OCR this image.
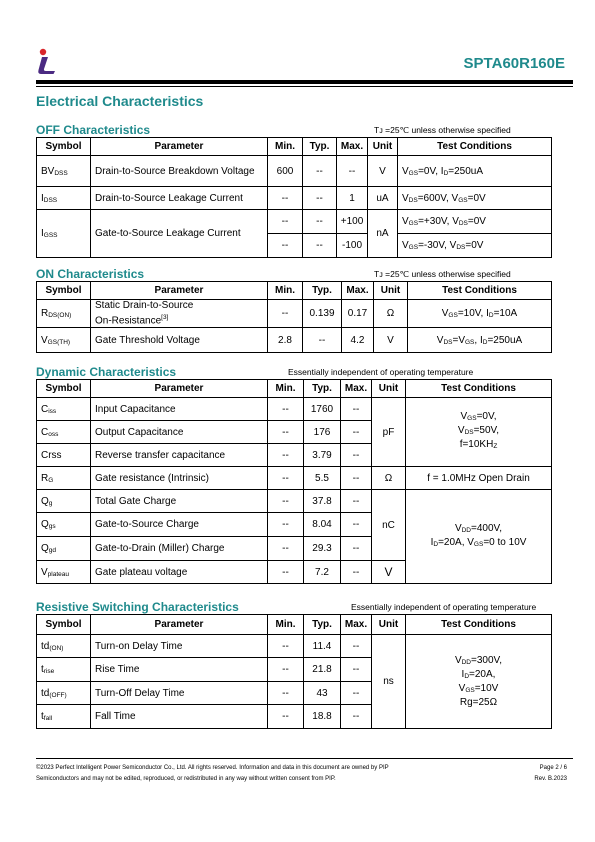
SPTA60R160E
Electrical Characteristics
OFF Characteristics	Tᴊ =25℃ unless otherwise specified
Symbol	Parameter	Min.	Typ.	Max.	Unit	Test Conditions
$BV_{DSS}$	Drain-to-Source Breakdown Voltage	600	--	--	V	$V_{GS}=0V$, $I_D=250uA$
$I_{DSS}$	Drain-to-Source Leakage Current	--	--	1	uA	$V_{DS}=600V$, $V_{GS}=0V$
$I_{GSS}$	Gate-to-Source Leakage Current	--	--	+100	nA	$V_{GS}=+30V$, $V_{DS}=0V$
		--	--	-100		$V_{GS}=-30V$, $V_{DS}=0V$
ON Characteristics	Tᴊ =25℃ unless otherwise specified
Symbol	Parameter	Min.	Typ.	Max.	Unit	Test Conditions
$R_{DS(ON)}$	Static Drain-to-Source
On-Resistance[3]	--	0.139	0.17	Ω	$V_{GS}=10V$, $I_D=10A$
$V_{GS(TH)}$	Gate Threshold Voltage	2.8	--	4.2	V	$V_{DS}=V_{GS}$, $I_D=250uA$
Dynamic Characteristics	Essentially independent of operating temperature
Symbol	Parameter	Min.	Typ.	Max.	Unit	Test Conditions
$C_{iss}$	Input Capacitance	--	1760	--	pF	$V_{GS}=0V$,
$V_{DS}=50V$,
$f=10KH_Z$
$C_{oss}$	Output Capacitance	--	176	--		
Crss	Reverse transfer capacitance	--	3.79	--		
$R_G$	Gate resistance (Intrinsic)	--	5.5	--	Ω	f = 1.0MHz Open Drain
$Q_g$	Total Gate Charge	--	37.8	--	nC	$V_{DD}=400V$,
$I_D=20A$, $V_{GS}=0$ to 10V
$Q_{gs}$	Gate-to-Source Charge	--	8.04	--		
$Q_{gd}$	Gate-to-Drain (Miller) Charge	--	29.3	--		
$V_{plateau}$	Gate plateau voltage	--	7.2	--	V	
Resistive Switching Characteristics	Essentially independent of operating temperature
Symbol	Parameter	Min.	Typ.	Max.	Unit	Test Conditions
$td_{(ON)}$	Turn-on Delay Time	--	11.4	--	ns	$V_{DD}=300V$,
$I_D=20A$,
$V_{GS}=10V$
Rg=25Ω
$t_{rise}$	Rise Time	--	21.8	--		
$td_{(OFF)}$	Turn-Off Delay Time	--	43	--		
$t_{fall}$	Fall Time	--	18.8	--		
©2023 Perfect Intelligent Power Semiconductor Co., Ltd. All rights reserved. Information and data in this document are owned by PIP
Semiconductors and may not be edited, reproduced, or redistributed in any way without written consent from PIP.
Page 2 / 6
Rev. B.2023
